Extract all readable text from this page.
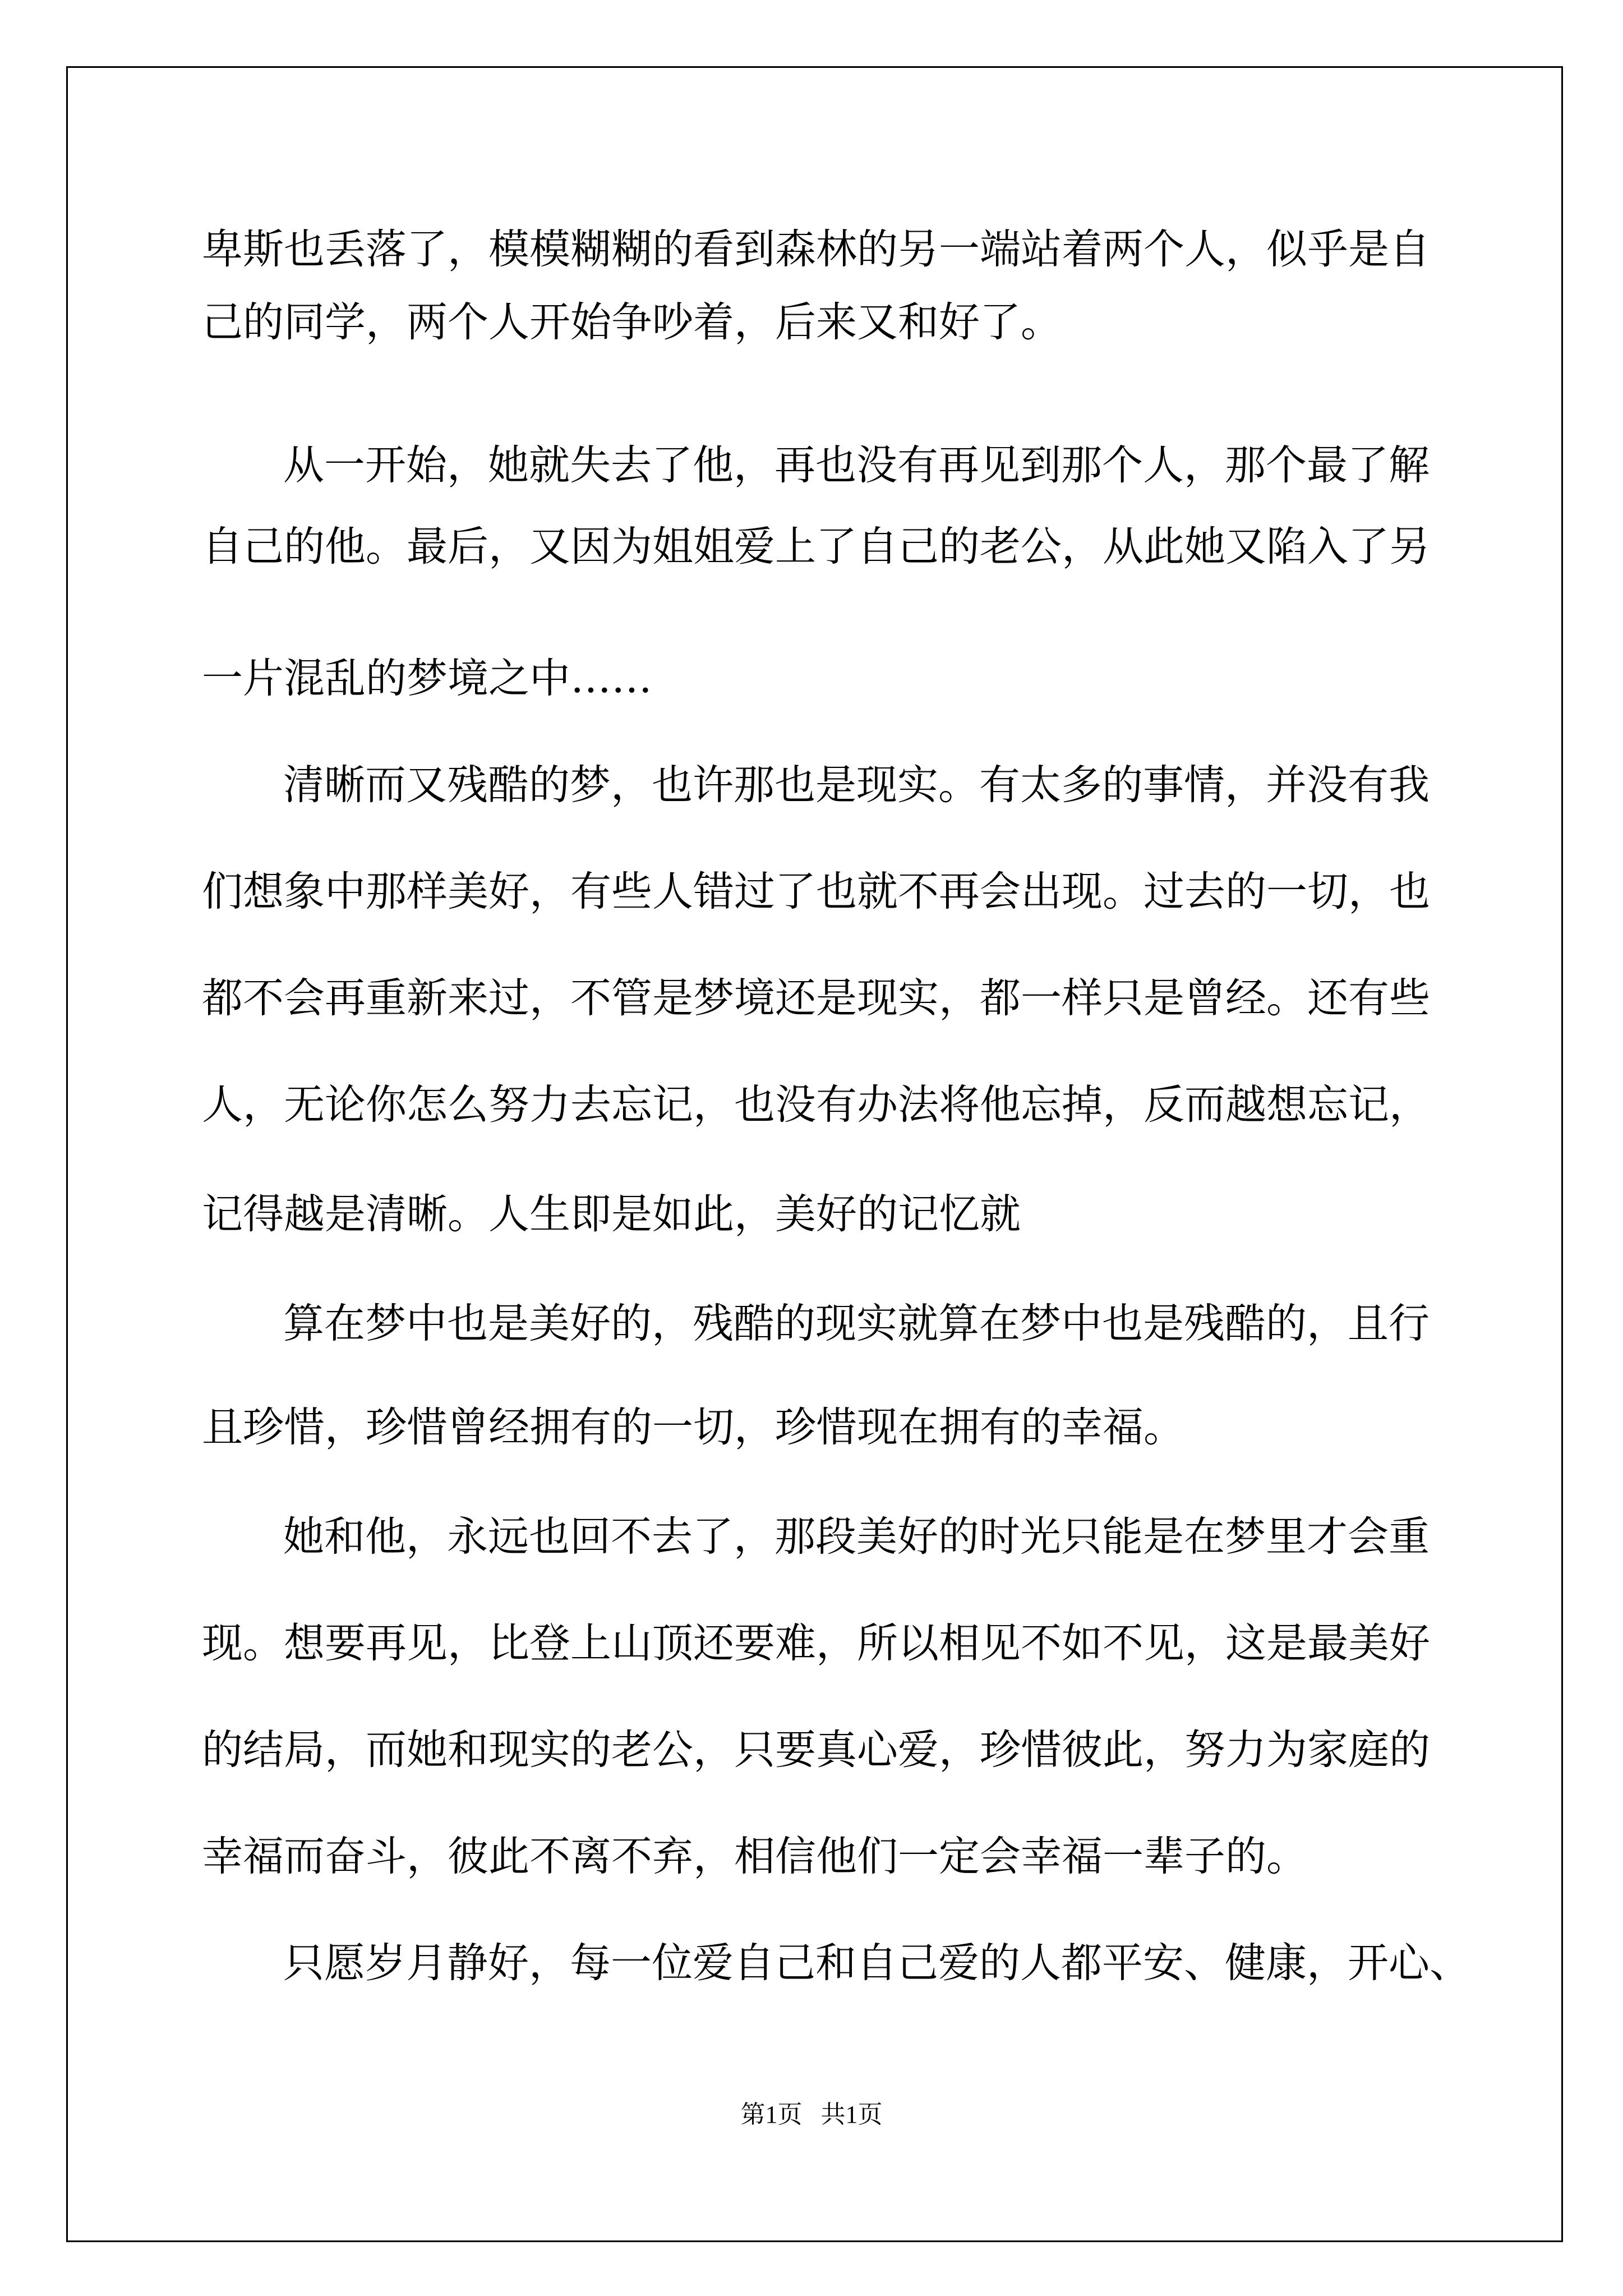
卑斯也丢落了，模模糊糊的看到森林的另一端站着两个人，似乎是自
己的同学，两个人开始争吵着，后来又和好了。
从一开始，她就失去了他，再也没有再见到那个人，那个最了解
自己的他。最后，又因为姐姐爱上了自己的老公，从此她又陷入了另
一片混乱的梦境之中……
清晰而又残酷的梦，也许那也是现实。有太多的事情，并没有我
们想象中那样美好，有些人错过了也就不再会出现。过去的一切，也
都不会再重新来过，不管是梦境还是现实，都一样只是曾经。还有些
人，无论你怎么努力去忘记，也没有办法将他忘掉，反而越想忘记，
记得越是清晰。人生即是如此，美好的记忆就
算在梦中也是美好的，残酷的现实就算在梦中也是残酷的，且行
且珍惜，珍惜曾经拥有的一切，珍惜现在拥有的幸福。
她和他，永远也回不去了，那段美好的时光只能是在梦里才会重
现。想要再见，比登上山顶还要难，所以相见不如不见，这是最美好
的结局，而她和现实的老公，只要真心爱，珍惜彼此，努力为家庭的
幸福而奋斗，彼此不离不弃，相信他们一定会幸福一辈子的。
只愿岁月静好，每一位爱自己和自己爱的人都平安、健康，开心、
第1页   共1页
